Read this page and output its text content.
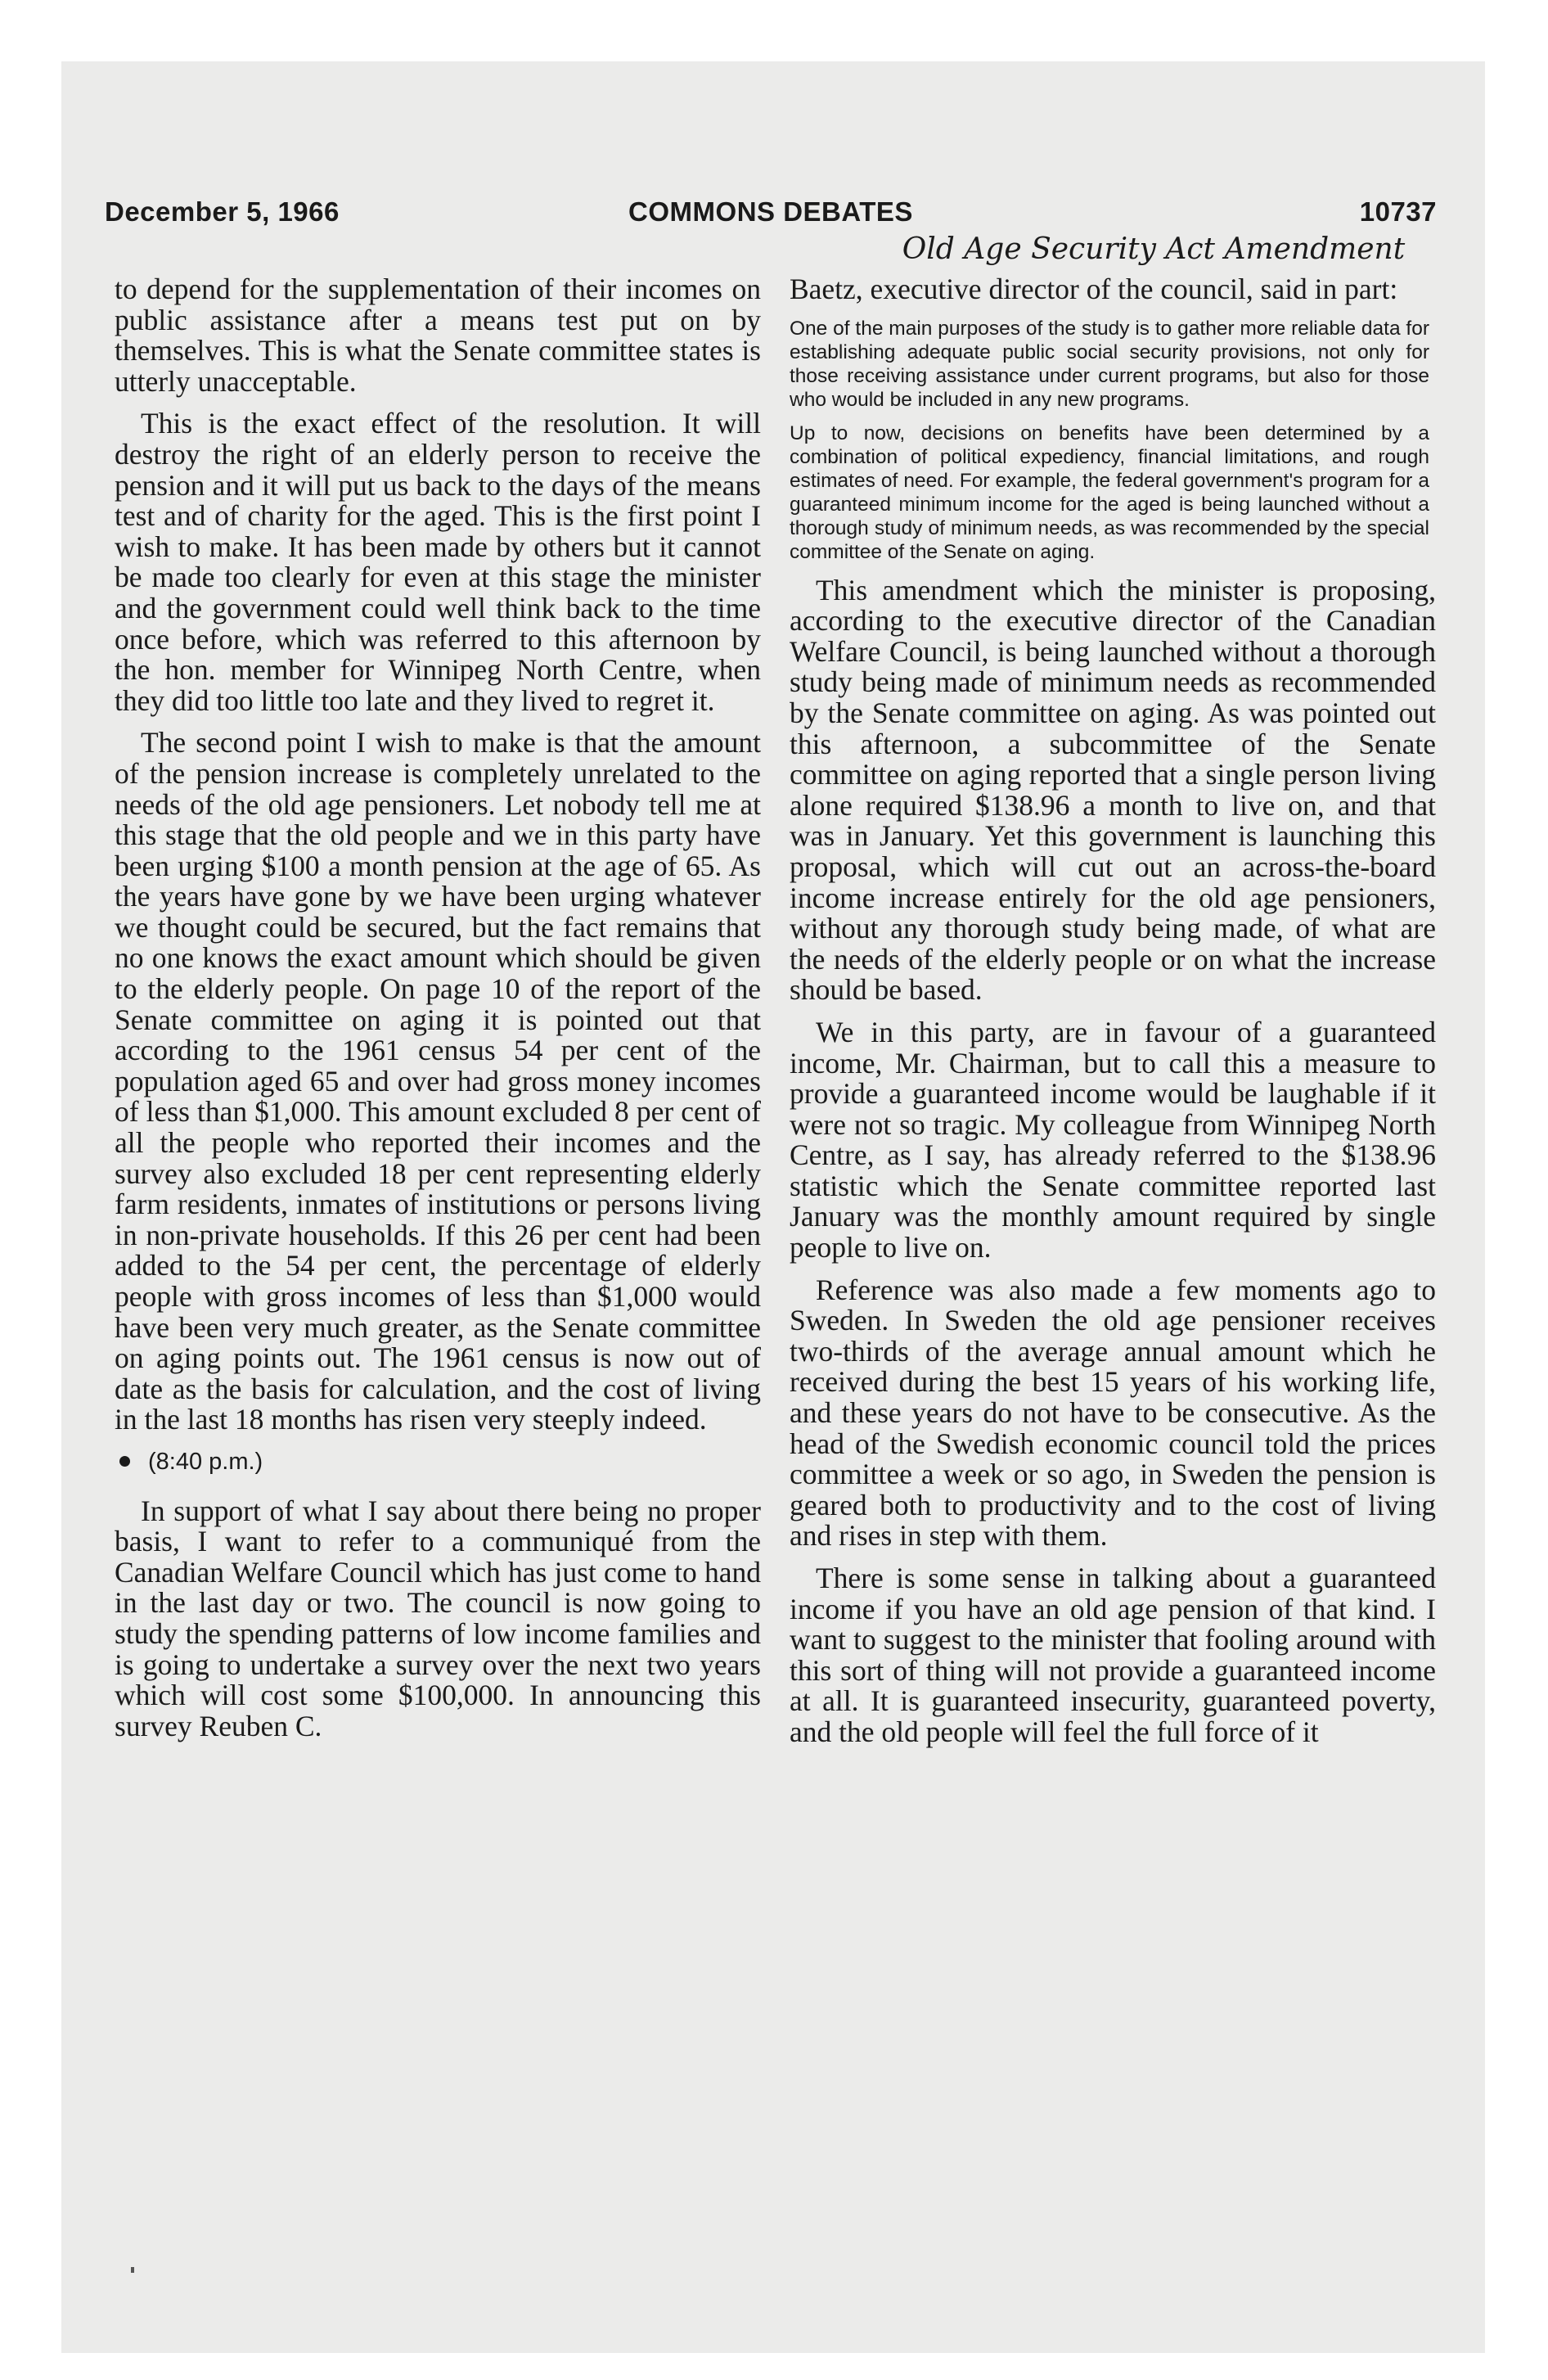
December 5, 1966	COMMONS DEBATES	10737
Old Age Security Act Amendment

to depend for the supplementation of their incomes on public assistance after a means test put on by themselves. This is what the Senate committee states is utterly unacceptable.

This is the exact effect of the resolution. It will destroy the right of an elderly person to receive the pension and it will put us back to the days of the means test and of charity for the aged. This is the first point I wish to make. It has been made by others but it cannot be made too clearly for even at this stage the minister and the government could well think back to the time once before, which was referred to this afternoon by the hon. member for Winnipeg North Centre, when they did too little too late and they lived to regret it.

The second point I wish to make is that the amount of the pension increase is completely unrelated to the needs of the old age pensioners. Let nobody tell me at this stage that the old people and we in this party have been urging $100 a month pension at the age of 65. As the years have gone by we have been urging whatever we thought could be secured, but the fact remains that no one knows the exact amount which should be given to the elderly people. On page 10 of the report of the Senate committee on aging it is pointed out that according to the 1961 census 54 per cent of the population aged 65 and over had gross money incomes of less than $1,000. This amount excluded 8 per cent of all the people who reported their incomes and the survey also excluded 18 per cent representing elderly farm residents, inmates of institutions or persons living in non-private households. If this 26 per cent had been added to the 54 per cent, the percentage of elderly people with gross incomes of less than $1,000 would have been very much greater, as the Senate committee on aging points out. The 1961 census is now out of date as the basis for calculation, and the cost of living in the last 18 months has risen very steeply indeed.

(8:40 p.m.)

In support of what I say about there being no proper basis, I want to refer to a communiqué from the Canadian Welfare Council which has just come to hand in the last day or two. The council is now going to study the spending patterns of low income families and is going to undertake a survey over the next two years which will cost some $100,000. In announcing this survey Reuben C.

Baetz, executive director of the council, said in part:

One of the main purposes of the study is to gather more reliable data for establishing adequate public social security provisions, not only for those receiving assistance under current programs, but also for those who would be included in any new programs.

Up to now, decisions on benefits have been determined by a combination of political expediency, financial limitations, and rough estimates of need. For example, the federal government's program for a guaranteed minimum income for the aged is being launched without a thorough study of minimum needs, as was recommended by the special committee of the Senate on aging.

This amendment which the minister is proposing, according to the executive director of the Canadian Welfare Council, is being launched without a thorough study being made of minimum needs as recommended by the Senate committee on aging. As was pointed out this afternoon, a subcommittee of the Senate committee on aging reported that a single person living alone required $138.96 a month to live on, and that was in January. Yet this government is launching this proposal, which will cut out an across-the-board income increase entirely for the old age pensioners, without any thorough study being made, of what are the needs of the elderly people or on what the increase should be based.

We in this party, are in favour of a guaranteed income, Mr. Chairman, but to call this a measure to provide a guaranteed income would be laughable if it were not so tragic. My colleague from Winnipeg North Centre, as I say, has already referred to the $138.96 statistic which the Senate committee reported last January was the monthly amount required by single people to live on.

Reference was also made a few moments ago to Sweden. In Sweden the old age pensioner receives two-thirds of the average annual amount which he received during the best 15 years of his working life, and these years do not have to be consecutive. As the head of the Swedish economic council told the prices committee a week or so ago, in Sweden the pension is geared both to productivity and to the cost of living and rises in step with them.

There is some sense in talking about a guaranteed income if you have an old age pension of that kind. I want to suggest to the minister that fooling around with this sort of thing will not provide a guaranteed income at all. It is guaranteed insecurity, guaranteed poverty, and the old people will feel the full force of it
